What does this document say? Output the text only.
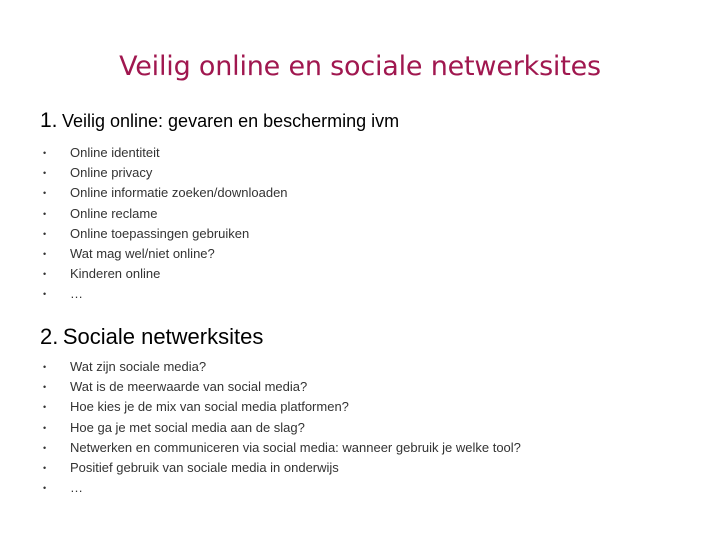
Veilig online en sociale netwerksites
1. Veilig online: gevaren en bescherming ivm
•	Online identiteit
•	Online privacy
•	Online informatie zoeken/downloaden
•	Online reclame
•	Online toepassingen gebruiken
•	Wat mag wel/niet online?
•	Kinderen online
•	…
2. Sociale netwerksites
•	Wat zijn sociale media?
•	Wat is de meerwaarde van social media?
•	Hoe kies je de mix van social media platformen?
•	Hoe ga je met social media aan de slag?
•	Netwerken en communiceren via social media: wanneer gebruik je welke tool?
•	Positief gebruik van sociale media in onderwijs
•	…
